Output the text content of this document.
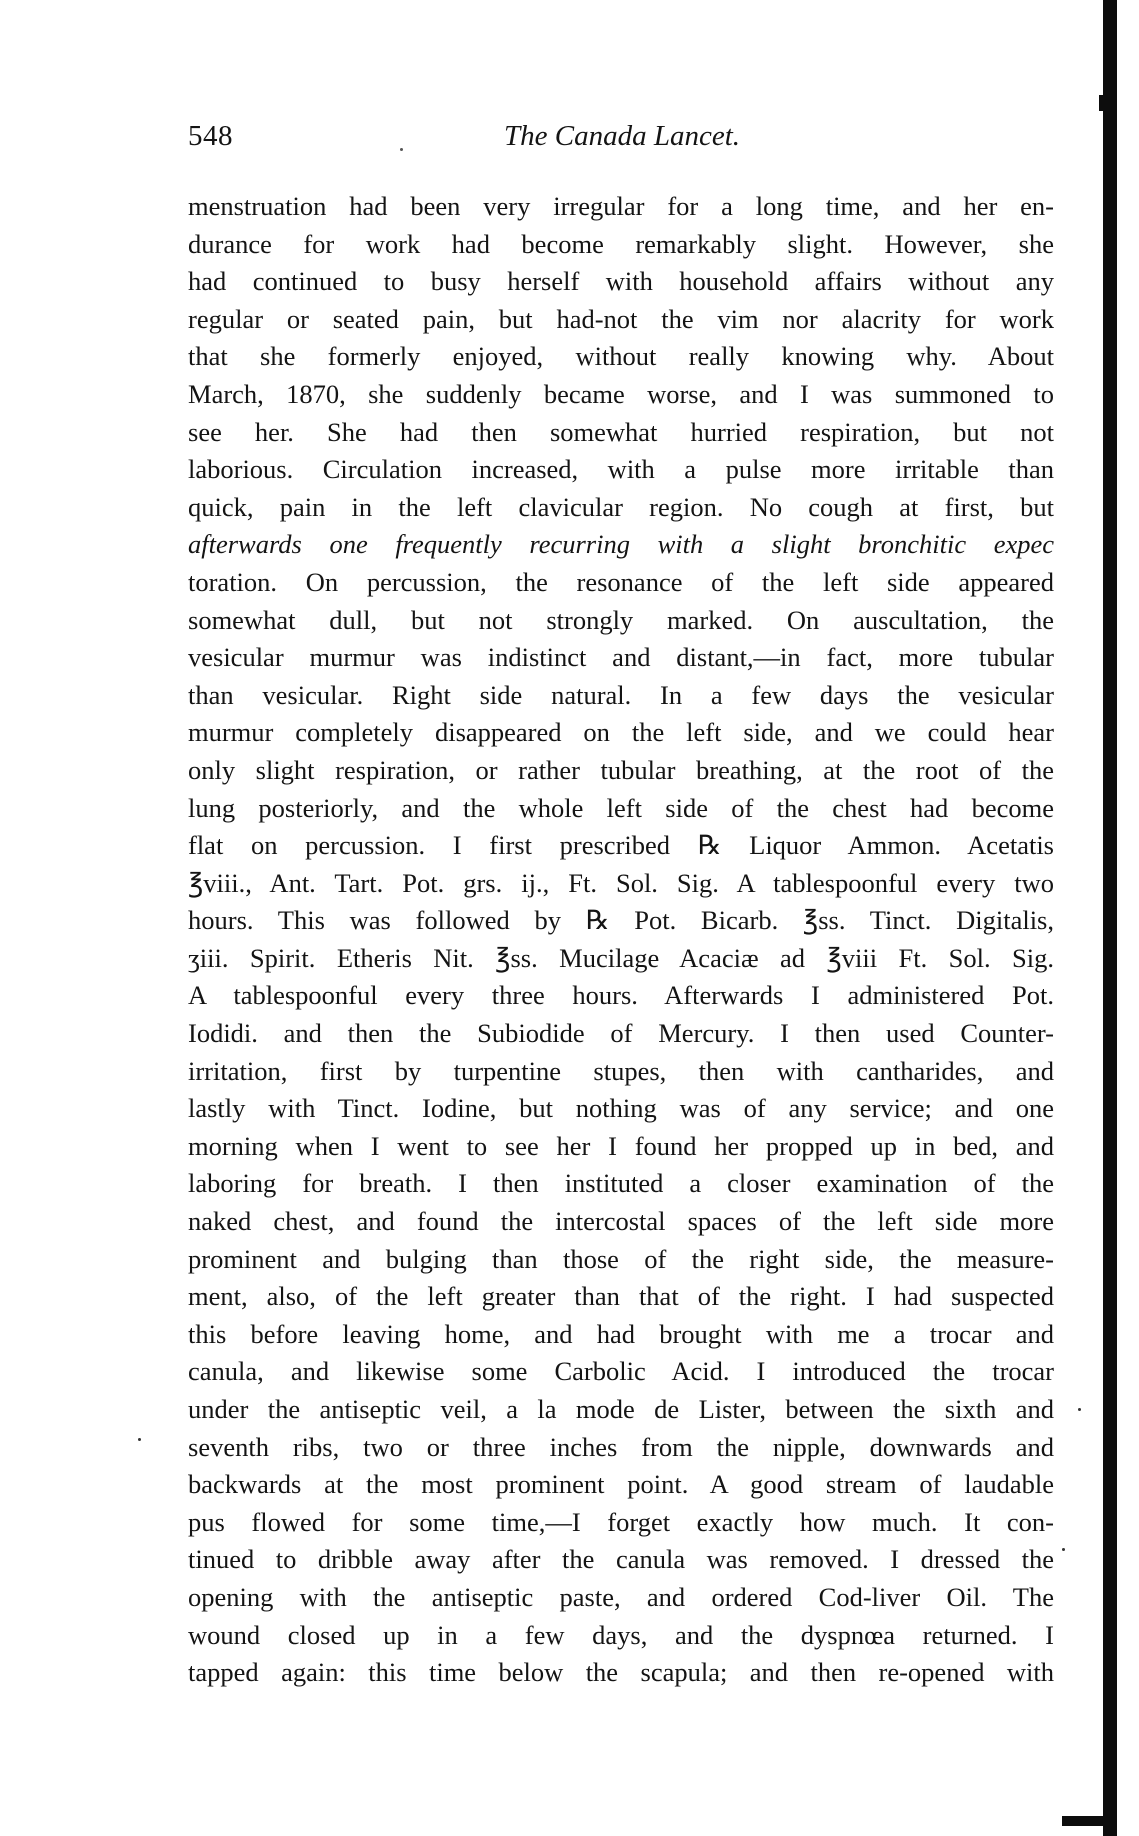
548	The Canada Lancet.
menstruation had been very irregular for a long time, and her en-
durance for work had become remarkably slight. However, she
had continued to busy herself with household affairs without any
regular or seated pain, but had-not the vim nor alacrity for work
that she formerly enjoyed, without really knowing why. About
March, 1870, she suddenly became worse, and I was summoned to
see her. She had then somewhat hurried respiration, but not
laborious. Circulation increased, with a pulse more irritable than
quick, pain in the left clavicular region. No cough at first, but
afterwards one frequently recurring with a slight bronchitic expec
toration. On percussion, the resonance of the left side appeared
somewhat dull, but not strongly marked. On auscultation, the
vesicular murmur was indistinct and distant,—in fact, more tubular
than vesicular. Right side natural. In a few days the vesicular
murmur completely disappeared on the left side, and we could hear
only slight respiration, or rather tubular breathing, at the root of the
lung posteriorly, and the whole left side of the chest had become
flat on percussion. I first prescribed ℞ Liquor Ammon. Acetatis
℥viii., Ant. Tart. Pot. grs. ij., Ft. Sol. Sig. A tablespoonful every two
hours. This was followed by ℞ Pot. Bicarb. ℥ss. Tinct. Digitalis,
ʒiii. Spirit. Etheris Nit. ℥ss. Mucilage Acaciæ ad ℥viii Ft. Sol. Sig.
A tablespoonful every three hours. Afterwards I administered Pot.
Iodidi. and then the Subiodide of Mercury. I then used Counter-
irritation, first by turpentine stupes, then with cantharides, and
lastly with Tinct. Iodine, but nothing was of any service; and one
morning when I went to see her I found her propped up in bed, and
laboring for breath. I then instituted a closer examination of the
naked chest, and found the intercostal spaces of the left side more
prominent and bulging than those of the right side, the measure-
ment, also, of the left greater than that of the right. I had suspected
this before leaving home, and had brought with me a trocar and
canula, and likewise some Carbolic Acid. I introduced the trocar
under the antiseptic veil, a la mode de Lister, between the sixth and
seventh ribs, two or three inches from the nipple, downwards and
backwards at the most prominent point. A good stream of laudable
pus flowed for some time,—I forget exactly how much. It con-
tinued to dribble away after the canula was removed. I dressed the
opening with the antiseptic paste, and ordered Cod-liver Oil. The
wound closed up in a few days, and the dyspnœa returned. I
tapped again: this time below the scapula; and then re-opened with
